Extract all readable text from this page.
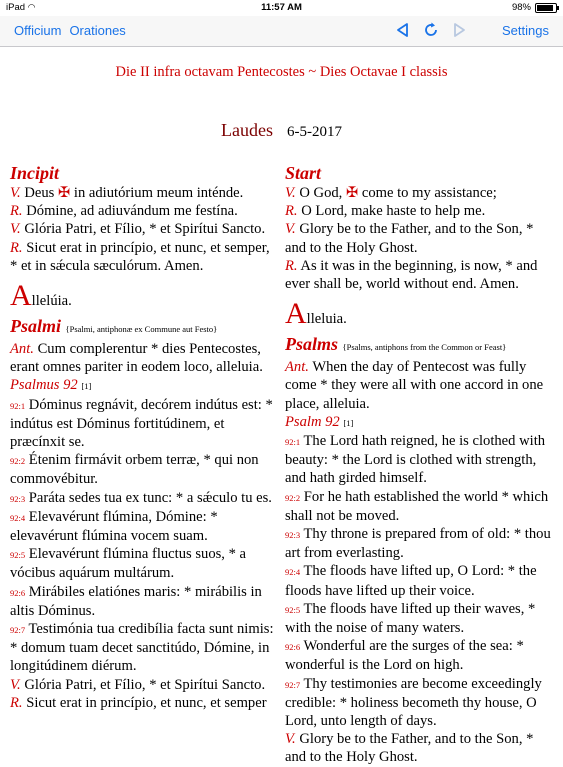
iPad ◠	11:57 AM	98%
Officium Orationes	Settings
Die II infra octavam Pentecostes ~ Dies Octavae I classis
Laudes 6-5-2017
Incipit

V. Deus ✠ in adiutórium meum inténde.

R. Dómine, ad adiuvándum me festína.

V. Glória Patri, et Fílio, * et Spirítui Sancto.

R. Sicut erat in princípio, et nunc, et semper, * et in sǽcula sæculórum. Amen.

Allelúia.

Psalmi {Psalmi, antiphonæ ex Commune aut Festo}

Ant. Cum complerentur * dies Pentecostes, erant omnes pariter in eodem loco, alleluia.

Psalmus 92 [1]

92:1 Dóminus regnávit, decórem indútus est: * indútus est Dóminus fortitúdinem, et præcínxit se.

92:2 Étenim firmávit orbem terræ, * qui non commovébitur.

92:3 Paráta sedes tua ex tunc: * a sǽculo tu es.

92:4 Elevavérunt flúmina, Dómine: * elevavérunt flúmina vocem suam.

92:5 Elevavérunt flúmina fluctus suos, * a vócibus aquárum multárum.

92:6 Mirábiles elatiónes maris: * mirábilis in altis Dóminus.

92:7 Testimónia tua credibília facta sunt nimis: * domum tuam decet sanctitúdo, Dómine, in longitúdinem diérum.

V. Glória Patri, et Fílio, * et Spirítui Sancto.

R. Sicut erat in princípio, et nunc, et semper

Start

V. O God, ✠ come to my assistance;

R. O Lord, make haste to help me.

V. Glory be to the Father, and to the Son, * and to the Holy Ghost.

R. As it was in the beginning, is now, * and ever shall be, world without end. Amen.

Alleluia.

Psalms {Psalms, antiphons from the Common or Feast}

Ant. When the day of Pentecost was fully come * they were all with one accord in one place, alleluia.

Psalm 92 [1]

92:1 The Lord hath reigned, he is clothed with beauty: * the Lord is clothed with strength, and hath girded himself.

92:2 For he hath established the world * which shall not be moved.

92:3 Thy throne is prepared from of old: * thou art from everlasting.

92:4 The floods have lifted up, O Lord: * the floods have lifted up their voice.

92:5 The floods have lifted up their waves, * with the noise of many waters.

92:6 Wonderful are the surges of the sea: * wonderful is the Lord on high.

92:7 Thy testimonies are become exceedingly credible: * holiness becometh thy house, O Lord, unto length of days.

V. Glory be to the Father, and to the Son, * and to the Holy Ghost.
